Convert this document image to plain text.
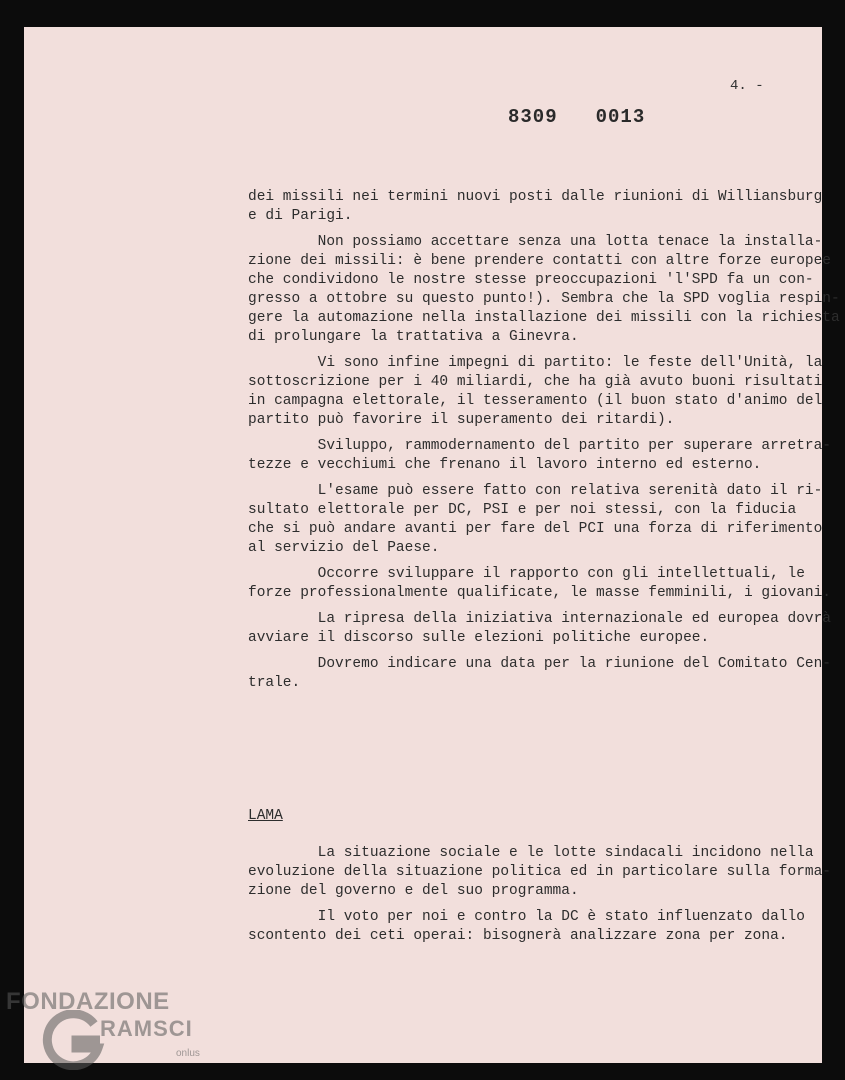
4. -
8309 0013

dei missili nei termini nuovi posti dalle riunioni di Williansburg
e di Parigi.

Non possiamo accettare senza una lotta tenace la installa-
zione dei missili: è bene prendere contatti con altre forze
che condividono le nostre stesse preoccupazioni 'l'SPD fa un
gresso a ottobre su questo punto!). Sembra che la SPD voglia
gere la automazione nella installazione dei missili con la
di prolungare la trattativa a Ginevra.

Vi sono infine impegni di partito: le feste dell'Unità,
sottoscrizione per i 40 miliardi, che ha già avuto buoni risultati
in campagna elettorale, il tesseramento (il buon stato d'animo
partito può favorire il superamento dei ritardi).

Sviluppo, rammodernamento del partito per superare
tezze e vecchiumi che frenano il lavoro interno ed esterno.

L'esame può essere fatto con relativa serenità dato il
sultato elettorale per DC, PSI e per noi stessi, con la fiducia
che si può andare avanti per fare del PCI una forza di riferimento
al servizio del Paese.

Occorre sviluppare il rapporto con gli intellettuali,
forze professionalmente qualificate, le masse femminili, i

La ripresa della iniziativa internazionale ed europea
avviare il discorso sulle elezioni politiche europee.

Dovremo indicare una data per la riunione del Comitato
trale.

LAMA

La situazione sociale e le lotte sindacali incidono
evoluzione della situazione politica ed in particolare sulla
zione del governo e del suo programma.

Il voto per noi e contro la DC è stato influenzato dallo
scontento dei ceti operai: bisognerà analizzare zona per zona.

FONDAZIONE
RAMSCI
onlus
